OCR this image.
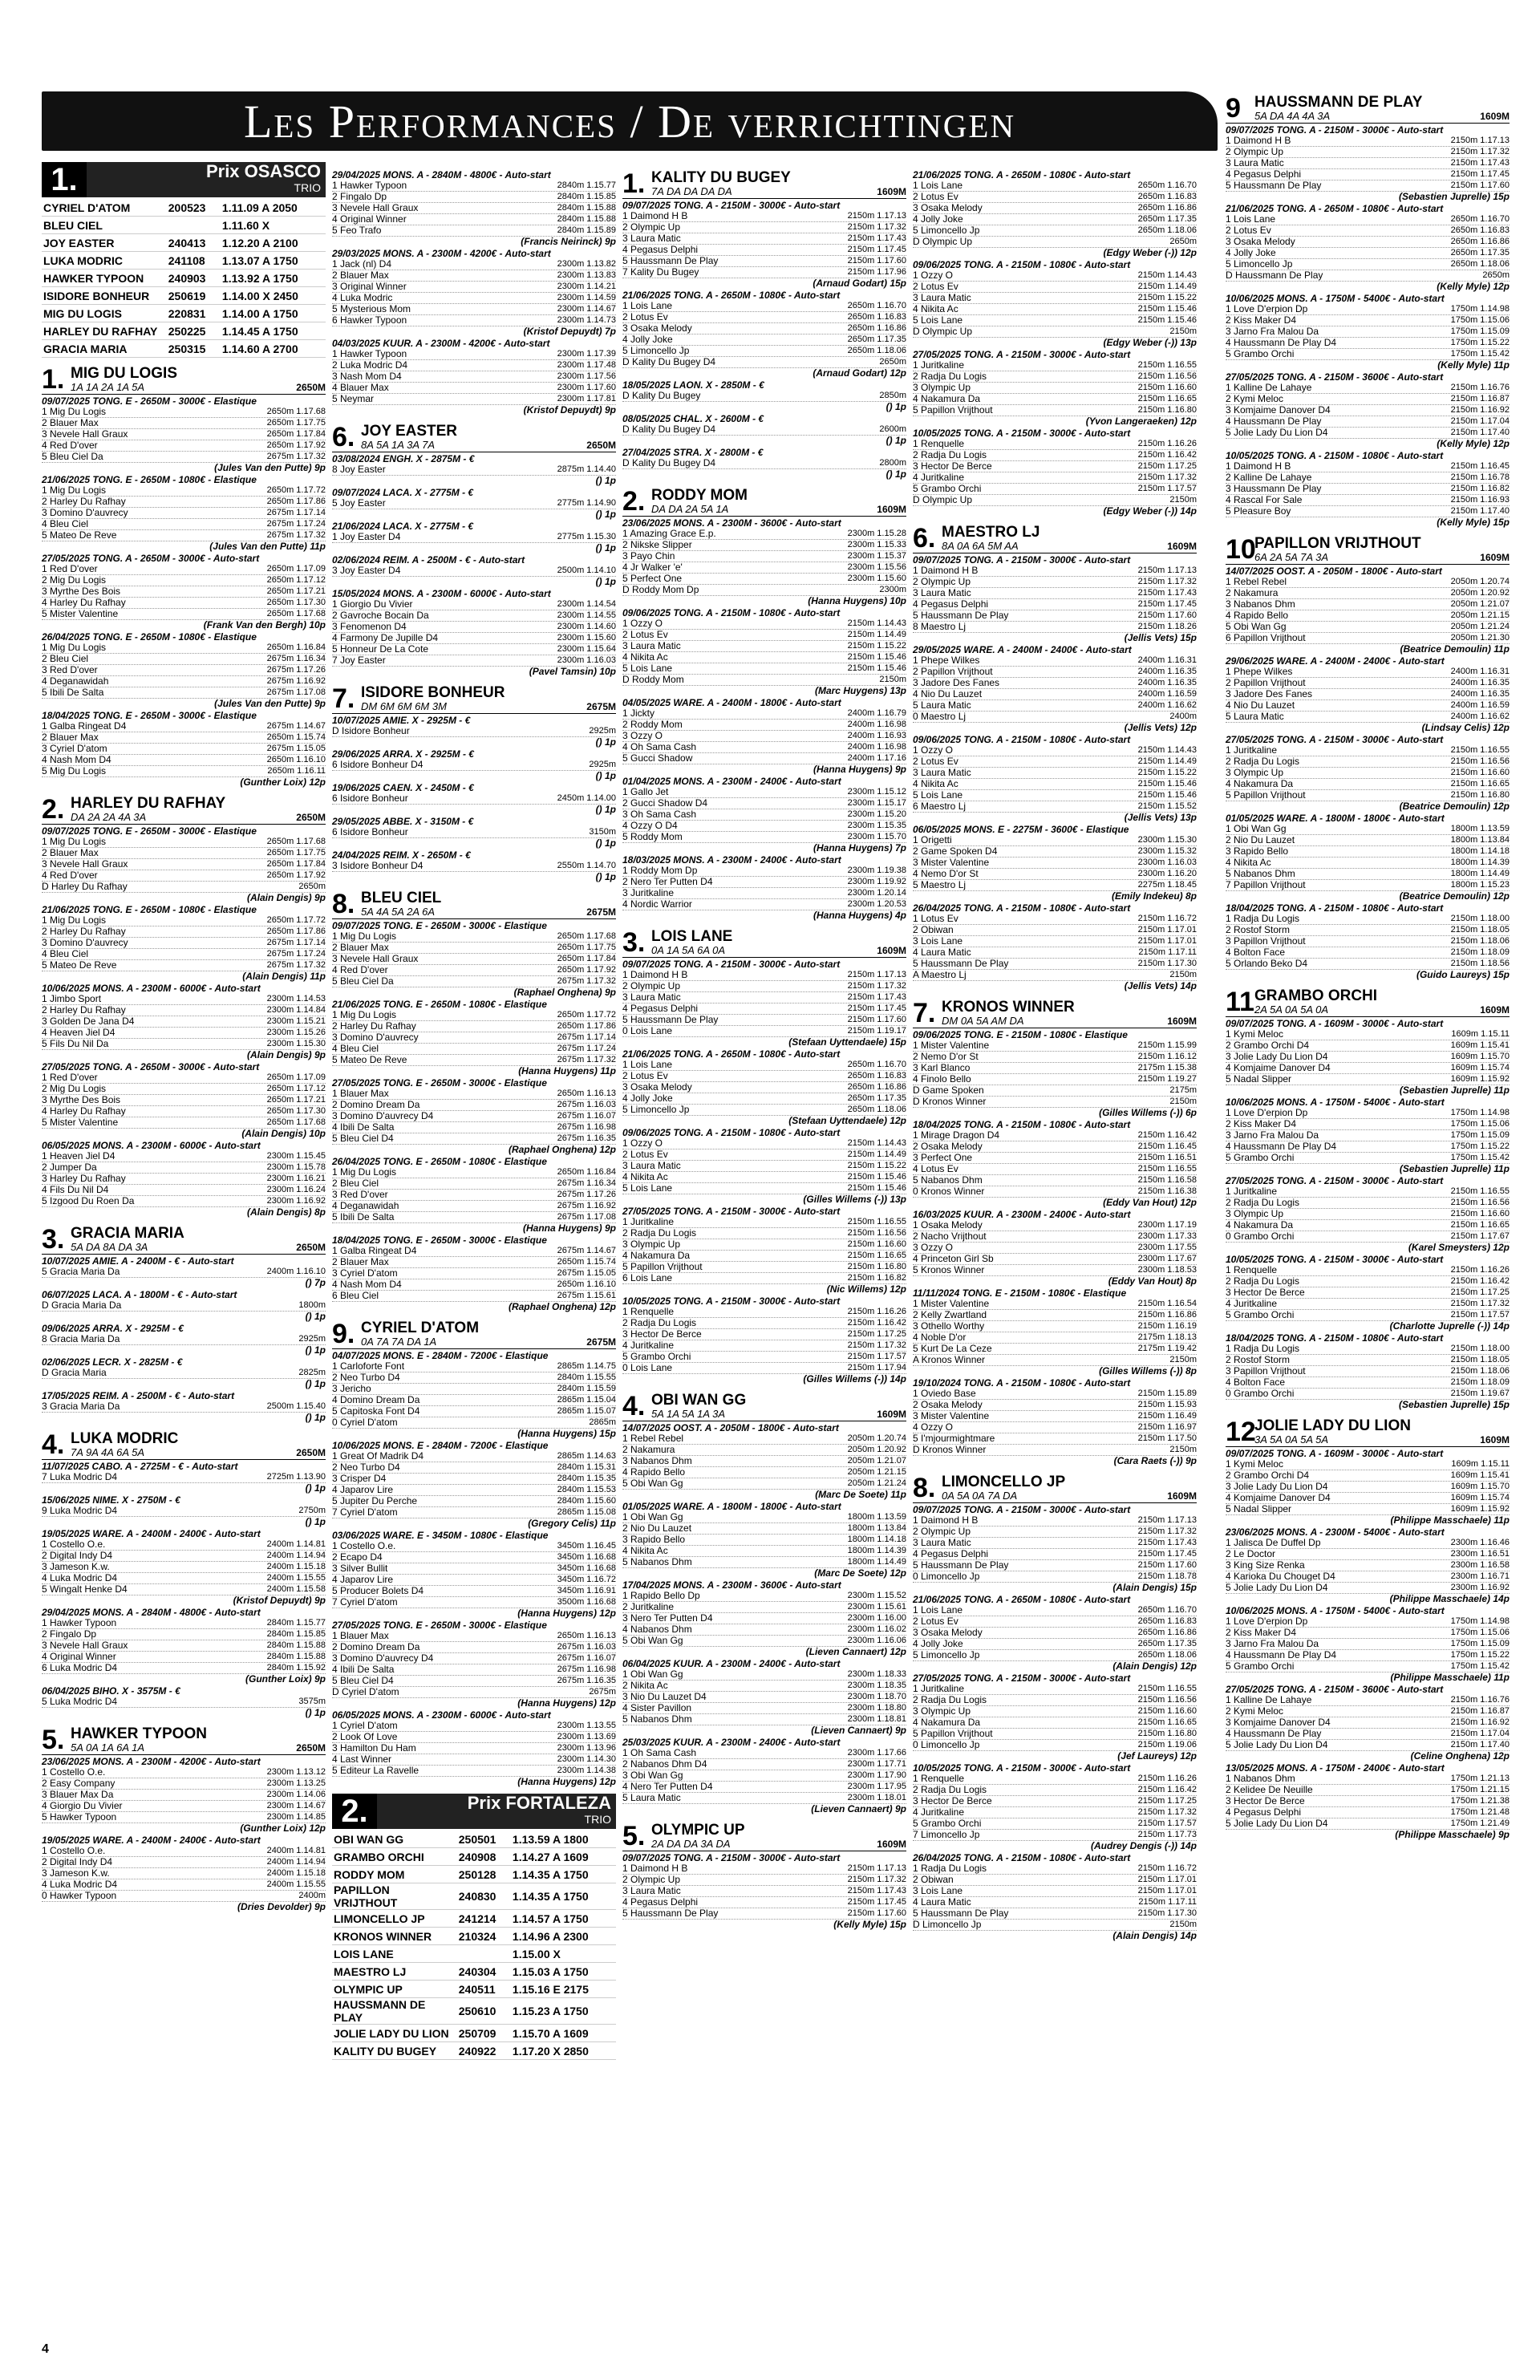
Les Performances / De verrichtingen
1.	Prix OSASCO
TRIO
CYRIEL D'ATOM	200523	1.11.09 A 2050
BLEU CIEL		1.11.60 X
JOY EASTER	240413	1.12.20 A 2100
LUKA MODRIC	241108	1.13.07 A 1750
HAWKER TYPOON	240903	1.13.92 A 1750
ISIDORE BONHEUR	250619	1.14.00 X 2450
MIG DU LOGIS	220831	1.14.00 A 1750
HARLEY DU RAFHAY	250225	1.14.45 A 1750
GRACIA MARIA	250315	1.14.60 A 2700
1. MIG DU LOGIS
1A 1A 2A 1A 5A	2650M
09/07/2025 TONG. E - 2650M - 3000€ - Elastique
1 Mig Du Logis	2650m 1.17.68
2 Blauer Max	2650m 1.17.75
3 Nevele Hall Graux	2650m 1.17.84
4 Red D'over	2650m 1.17.92
5 Bleu Ciel Da	2675m 1.17.32
(Jules Van den Putte) 9p
21/06/2025 TONG. E - 2650M - 1080€ - Elastique
1 Mig Du Logis	2650m 1.17.72
2 Harley Du Rafhay	2650m 1.17.86
3 Domino D'auvrecy	2675m 1.17.14
4 Bleu Ciel	2675m 1.17.24
5 Mateo De Reve	2675m 1.17.32
(Jules Van den Putte) 11p
27/05/2025 TONG. A - 2650M - 3000€ - Auto-start
1 Red D'over	2650m 1.17.09
2 Mig Du Logis	2650m 1.17.12
3 Myrthe Des Bois	2650m 1.17.21
4 Harley Du Rafhay	2650m 1.17.30
5 Mister Valentine	2650m 1.17.68
(Frank Van den Bergh) 10p
26/04/2025 TONG. E - 2650M - 1080€ - Elastique
1 Mig Du Logis	2650m 1.16.84
2 Bleu Ciel	2675m 1.16.34
3 Red D'over	2675m 1.17.26
4 Deganawidah	2675m 1.16.92
5 Ibili De Salta	2675m 1.17.08
(Jules Van den Putte) 9p
18/04/2025 TONG. E - 2650M - 3000€ - Elastique
1 Galba Ringeat D4	2675m 1.14.67
2 Blauer Max	2650m 1.15.74
3 Cyriel D'atom	2675m 1.15.05
4 Nash Mom D4	2650m 1.16.10
5 Mig Du Logis	2650m 1.16.11
(Gunther Loix) 12p
2. HARLEY DU RAFHAY
DA 2A 2A 4A 3A	2650M
09/07/2025 TONG. E - 2650M - 3000€ - Elastique
1 Mig Du Logis	2650m 1.17.68
2 Blauer Max	2650m 1.17.75
3 Nevele Hall Graux	2650m 1.17.84
4 Red D'over	2650m 1.17.92
D Harley Du Rafhay	2650m
(Alain Dengis) 9p
21/06/2025 TONG. E - 2650M - 1080€ - Elastique
1 Mig Du Logis	2650m 1.17.72
2 Harley Du Rafhay	2650m 1.17.86
3 Domino D'auvrecy	2675m 1.17.14
4 Bleu Ciel	2675m 1.17.24
5 Mateo De Reve	2675m 1.17.32
(Alain Dengis) 11p
10/06/2025 MONS. A - 2300M - 6000€ - Auto-start
1 Jimbo Sport	2300m 1.14.53
2 Harley Du Rafhay	2300m 1.14.84
3 Golden De Jana D4	2300m 1.15.21
4 Heaven Jiel D4	2300m 1.15.26
5 Fils Du Nil Da	2300m 1.15.30
(Alain Dengis) 9p
27/05/2025 TONG. A - 2650M - 3000€ - Auto-start
1 Red D'over	2650m 1.17.09
2 Mig Du Logis	2650m 1.17.12
3 Myrthe Des Bois	2650m 1.17.21
4 Harley Du Rafhay	2650m 1.17.30
5 Mister Valentine	2650m 1.17.68
(Alain Dengis) 10p
06/05/2025 MONS. A - 2300M - 6000€ - Auto-start
1 Heaven Jiel D4	2300m 1.15.45
2 Jumper Da	2300m 1.15.78
3 Harley Du Rafhay	2300m 1.16.21
4 Fils Du Nil D4	2300m 1.16.24
5 Izgood Du Roen Da	2300m 1.16.92
(Alain Dengis) 8p
3. GRACIA MARIA
5A DA 8A DA 3A	2650M
10/07/2025 AMIE. A - 2400M - € - Auto-start
5 Gracia Maria Da	2400m 1.16.10
() 7p
06/07/2025 LACA. A - 1800M - € - Auto-start
D Gracia Maria Da	1800m
() 1p
09/06/2025 ARRA. X - 2925M - €
8 Gracia Maria Da	2925m
() 1p
02/06/2025 LECR. X - 2825M - €
D Gracia Maria	2825m
() 1p
17/05/2025 REIM. A - 2500M - € - Auto-start
3 Gracia Maria Da	2500m 1.15.40
() 1p
4. LUKA MODRIC
7A 9A 4A 6A 5A	2650M
11/07/2025 CABO. A - 2725M - € - Auto-start
7 Luka Modric D4	2725m 1.13.90
() 1p
15/06/2025 NIME. X - 2750M - €
9 Luka Modric D4	2750m
() 1p
19/05/2025 WARE. A - 2400M - 2400€ - Auto-start
1 Costello O.e.	2400m 1.14.81
2 Digital Indy D4	2400m 1.14.94
3 Jameson K.w.	2400m 1.15.18
4 Luka Modric D4	2400m 1.15.55
5 Wingalt Henke D4	2400m 1.15.58
(Kristof Depuydt) 9p
29/04/2025 MONS. A - 2840M - 4800€ - Auto-start
1 Hawker Typoon	2840m 1.15.77
2 Fingalo Dp	2840m 1.15.85
3 Nevele Hall Graux	2840m 1.15.88
4 Original Winner	2840m 1.15.88
6 Luka Modric D4	2840m 1.15.92
(Gunther Loix) 9p
06/04/2025 BIHO. X - 3575M - €
5 Luka Modric D4	3575m
() 1p
5. HAWKER TYPOON
5A 0A 1A 6A 1A	2650M
23/06/2025 MONS. A - 2300M - 4200€ - Auto-start
1 Costello O.e.	2300m 1.13.12
2 Easy Company	2300m 1.13.25
3 Blauer Max Da	2300m 1.14.06
4 Giorgio Du Vivier	2300m 1.14.67
5 Hawker Typoon	2300m 1.14.85
(Gunther Loix) 12p
19/05/2025 WARE. A - 2400M - 2400€ - Auto-start
1 Costello O.e.	2400m 1.14.81
2 Digital Indy D4	2400m 1.14.94
3 Jameson K.w.	2400m 1.15.18
4 Luka Modric D4	2400m 1.15.55
0 Hawker Typoon	2400m
(Dries Devolder) 9p
29/04/2025 MONS. A - 2840M - 4800€ - Auto-start
1 Hawker Typoon	2840m 1.15.77
2 Fingalo Dp	2840m 1.15.85
3 Nevele Hall Graux	2840m 1.15.88
4 Original Winner	2840m 1.15.88
5 Feo Trafo	2840m 1.15.89
(Francis Neirinck) 9p
29/03/2025 MONS. A - 2300M - 4200€ - Auto-start
1 Jack (nl) D4	2300m 1.13.82
2 Blauer Max	2300m 1.13.83
3 Original Winner	2300m 1.14.21
4 Luka Modric	2300m 1.14.59
5 Mysterious Mom	2300m 1.14.67
6 Hawker Typoon	2300m 1.14.73
(Kristof Depuydt) 7p
04/03/2025 KUUR. A - 2300M - 4200€ - Auto-start
1 Hawker Typoon	2300m 1.17.39
2 Luka Modric D4	2300m 1.17.48
3 Nash Mom D4	2300m 1.17.56
4 Blauer Max	2300m 1.17.60
5 Neymar	2300m 1.17.81
(Kristof Depuydt) 9p
6. JOY EASTER
8A 5A 1A 3A 7A	2650M
03/08/2024 ENGH. X - 2875M - €
8 Joy Easter	2875m 1.14.40
() 1p
09/07/2024 LACA. X - 2775M - €
5 Joy Easter	2775m 1.14.90
() 1p
21/06/2024 LACA. X - 2775M - €
1 Joy Easter D4	2775m 1.15.30
() 1p
02/06/2024 REIM. A - 2500M - € - Auto-start
3 Joy Easter D4	2500m 1.14.10
() 1p
15/05/2024 MONS. A - 2300M - 6000€ - Auto-start
1 Giorgio Du Vivier	2300m 1.14.54
2 Gavroche Bocain Da	2300m 1.14.55
3 Fenomenon D4	2300m 1.14.60
4 Farmony De Jupille D4	2300m 1.15.60
5 Honneur De La Cote	2300m 1.15.64
7 Joy Easter	2300m 1.16.03
(Pavel Tamsin) 10p
7. ISIDORE BONHEUR
DM 6M 6M 6M 3M	2675M
10/07/2025 AMIE. X - 2925M - €
D Isidore Bonheur	2925m
() 1p
29/06/2025 ARRA. X - 2925M - €
6 Isidore Bonheur D4	2925m
() 1p
19/06/2025 CAEN. X - 2450M - €
6 Isidore Bonheur	2450m 1.14.00
() 1p
29/05/2025 ABBE. X - 3150M - €
6 Isidore Bonheur	3150m
() 1p
24/04/2025 REIM. X - 2650M - €
3 Isidore Bonheur D4	2550m 1.14.70
() 1p
8. BLEU CIEL
5A 4A 5A 2A 6A	2675M
09/07/2025 TONG. E - 2650M - 3000€ - Elastique
1 Mig Du Logis	2650m 1.17.68
2 Blauer Max	2650m 1.17.75
3 Nevele Hall Graux	2650m 1.17.84
4 Red D'over	2650m 1.17.92
5 Bleu Ciel Da	2675m 1.17.32
(Raphael Onghena) 9p
21/06/2025 TONG. E - 2650M - 1080€ - Elastique
1 Mig Du Logis	2650m 1.17.72
2 Harley Du Rafhay	2650m 1.17.86
3 Domino D'auvrecy	2675m 1.17.14
4 Bleu Ciel	2675m 1.17.24
5 Mateo De Reve	2675m 1.17.32
(Hanna Huygens) 11p
27/05/2025 TONG. E - 2650M - 3000€ - Elastique
1 Blauer Max	2650m 1.16.13
2 Domino Dream Da	2675m 1.16.03
3 Domino D'auvrecy D4	2675m 1.16.07
4 Ibili De Salta	2675m 1.16.98
5 Bleu Ciel D4	2675m 1.16.35
(Raphael Onghena) 12p
26/04/2025 TONG. E - 2650M - 1080€ - Elastique
1 Mig Du Logis	2650m 1.16.84
2 Bleu Ciel	2675m 1.16.34
3 Red D'over	2675m 1.17.26
4 Deganawidah	2675m 1.16.92
5 Ibili De Salta	2675m 1.17.08
(Hanna Huygens) 9p
18/04/2025 TONG. E - 2650M - 3000€ - Elastique
1 Galba Ringeat D4	2675m 1.14.67
2 Blauer Max	2650m 1.15.74
3 Cyriel D'atom	2675m 1.15.05
4 Nash Mom D4	2650m 1.16.10
6 Bleu Ciel	2675m 1.15.61
(Raphael Onghena) 12p
9. CYRIEL D'ATOM
0A 7A 7A DA 1A	2675M
04/07/2025 MONS. E - 2840M - 7200€ - Elastique
1 Carloforte Font	2865m 1.14.75
2 Neo Turbo D4	2840m 1.15.55
3 Jericho	2840m 1.15.59
4 Domino Dream Da	2865m 1.15.04
5 Capitoska Font D4	2865m 1.15.07
0 Cyriel D'atom	2865m
(Hanna Huygens) 15p
10/06/2025 MONS. E - 2840M - 7200€ - Elastique
1 Great Of Madrik D4	2865m 1.14.63
2 Neo Turbo D4	2840m 1.15.31
3 Crisper D4	2840m 1.15.35
4 Japarov Lire	2840m 1.15.53
5 Jupiter Du Perche	2840m 1.15.60
7 Cyriel D'atom	2865m 1.15.08
(Gregory Celis) 11p
03/06/2025 WARE. E - 3450M - 1080€ - Elastique
1 Costello O.e.	3450m 1.16.45
2 Ecapo D4	3450m 1.16.68
3 Silver Bullit	3450m 1.16.68
4 Japarov Lire	3450m 1.16.72
5 Producer Bolets D4	3450m 1.16.91
7 Cyriel D'atom	3500m 1.16.68
(Hanna Huygens) 12p
27/05/2025 TONG. E - 2650M - 3000€ - Elastique
1 Blauer Max	2650m 1.16.13
2 Domino Dream Da	2675m 1.16.03
3 Domino D'auvrecy D4	2675m 1.16.07
4 Ibili De Salta	2675m 1.16.98
5 Bleu Ciel D4	2675m 1.16.35
D Cyriel D'atom	2675m
(Hanna Huygens) 12p
06/05/2025 MONS. A - 2300M - 6000€ - Auto-start
1 Cyriel D'atom	2300m 1.13.55
2 Look Of Love	2300m 1.13.69
3 Hamilton Du Ham	2300m 1.13.96
4 Last Winner	2300m 1.14.30
5 Editeur La Ravelle	2300m 1.14.38
(Hanna Huygens) 12p
2.	Prix FORTALEZA
TRIO
OBI WAN GG	250501	1.13.59 A 1800
GRAMBO ORCHI	240908	1.14.27 A 1609
RODDY MOM	250128	1.14.35 A 1750
PAPILLON VRIJTHOUT	240830	1.14.35 A 1750
LIMONCELLO JP	241214	1.14.57 A 1750
KRONOS WINNER	210324	1.14.96 A 2300
LOIS LANE		1.15.00 X
MAESTRO LJ	240304	1.15.03 A 1750
OLYMPIC UP	240511	1.15.16 E 2175
HAUSSMANN DE PLAY	250610	1.15.23 A 1750
JOLIE LADY DU LION	250709	1.15.70 A 1609
KALITY DU BUGEY	240922	1.17.20 X 2850
1. KALITY DU BUGEY
7A DA DA DA DA	1609M
09/07/2025 TONG. A - 2150M - 3000€ - Auto-start
1 Daimond H B	2150m 1.17.13
2 Olympic Up	2150m 1.17.32
3 Laura Matic	2150m 1.17.43
4 Pegasus Delphi	2150m 1.17.45
5 Haussmann De Play	2150m 1.17.60
7 Kality Du Bugey	2150m 1.17.96
(Arnaud Godart) 15p
21/06/2025 TONG. A - 2650M - 1080€ - Auto-start
1 Lois Lane	2650m 1.16.70
2 Lotus Ev	2650m 1.16.83
3 Osaka Melody	2650m 1.16.86
4 Jolly Joke	2650m 1.17.35
5 Limoncello Jp	2650m 1.18.06
D Kality Du Bugey D4	2650m
(Arnaud Godart) 12p
18/05/2025 LAON. X - 2850M - €
D Kality Du Bugey	2850m
() 1p
08/05/2025 CHAL. X - 2600M - €
D Kality Du Bugey D4	2600m
() 1p
27/04/2025 STRA. X - 2800M - €
D Kality Du Bugey D4	2800m
() 1p
2. RODDY MOM
DA DA 2A 5A 1A	1609M
23/06/2025 MONS. A - 2300M - 3600€ - Auto-start
1 Amazing Grace E.p.	2300m 1.15.28
2 Nikske Slipper	2300m 1.15.33
3 Payo Chin	2300m 1.15.37
4 Jr Walker 'e'	2300m 1.15.56
5 Perfect One	2300m 1.15.60
D Roddy Mom Dp	2300m
(Hanna Huygens) 10p
09/06/2025 TONG. A - 2150M - 1080€ - Auto-start
1 Ozzy O	2150m 1.14.43
2 Lotus Ev	2150m 1.14.49
3 Laura Matic	2150m 1.15.22
4 Nikita Ac	2150m 1.15.46
5 Lois Lane	2150m 1.15.46
D Roddy Mom	2150m
(Marc Huygens) 13p
04/05/2025 WARE. A - 2400M - 1800€ - Auto-start
1 Jickty	2400m 1.16.79
2 Roddy Mom	2400m 1.16.98
3 Ozzy O	2400m 1.16.93
4 Oh Sama Cash	2400m 1.16.98
5 Gucci Shadow	2400m 1.17.16
(Hanna Huygens) 9p
01/04/2025 MONS. A - 2300M - 2400€ - Auto-start
1 Gallo Jet	2300m 1.15.12
2 Gucci Shadow D4	2300m 1.15.17
3 Oh Sama Cash	2300m 1.15.20
4 Ozzy O D4	2300m 1.15.35
5 Roddy Mom	2300m 1.15.70
(Hanna Huygens) 7p
18/03/2025 MONS. A - 2300M - 2400€ - Auto-start
1 Roddy Mom Dp	2300m 1.19.38
2 Nero Ter Putten D4	2300m 1.19.92
3 Juritkaline	2300m 1.20.14
4 Nordic Warrior	2300m 1.20.53
(Hanna Huygens) 4p
3. LOIS LANE
0A 1A 5A 6A 0A	1609M
09/07/2025 TONG. A - 2150M - 3000€ - Auto-start
1 Daimond H B	2150m 1.17.13
2 Olympic Up	2150m 1.17.32
3 Laura Matic	2150m 1.17.43
4 Pegasus Delphi	2150m 1.17.45
5 Haussmann De Play	2150m 1.17.60
0 Lois Lane	2150m 1.19.17
(Stefaan Uyttendaele) 15p
21/06/2025 TONG. A - 2650M - 1080€ - Auto-start
1 Lois Lane	2650m 1.16.70
2 Lotus Ev	2650m 1.16.83
3 Osaka Melody	2650m 1.16.86
4 Jolly Joke	2650m 1.17.35
5 Limoncello Jp	2650m 1.18.06
(Stefaan Uyttendaele) 12p
09/06/2025 TONG. A - 2150M - 1080€ - Auto-start
1 Ozzy O	2150m 1.14.43
2 Lotus Ev	2150m 1.14.49
3 Laura Matic	2150m 1.15.22
4 Nikita Ac	2150m 1.15.46
5 Lois Lane	2150m 1.15.46
(Gilles Willems (-)) 13p
27/05/2025 TONG. A - 2150M - 3000€ - Auto-start
1 Juritkaline	2150m 1.16.55
2 Radja Du Logis	2150m 1.16.56
3 Olympic Up	2150m 1.16.60
4 Nakamura Da	2150m 1.16.65
5 Papillon Vrijthout	2150m 1.16.80
6 Lois Lane	2150m 1.16.82
(Nic Willems) 12p
10/05/2025 TONG. A - 2150M - 3000€ - Auto-start
1 Renquelle	2150m 1.16.26
2 Radja Du Logis	2150m 1.16.42
3 Hector De Berce	2150m 1.17.25
4 Juritkaline	2150m 1.17.32
5 Grambo Orchi	2150m 1.17.57
0 Lois Lane	2150m 1.17.94
(Gilles Willems (-)) 14p
4. OBI WAN GG
5A 1A 5A 1A 3A	1609M
14/07/2025 OOST. A - 2050M - 1800€ - Auto-start
1 Rebel Rebel	2050m 1.20.74
2 Nakamura	2050m 1.20.92
3 Nabanos Dhm	2050m 1.21.07
4 Rapido Bello	2050m 1.21.15
5 Obi Wan Gg	2050m 1.21.24
(Marc De Soete) 11p
01/05/2025 WARE. A - 1800M - 1800€ - Auto-start
1 Obi Wan Gg	1800m 1.13.59
2 Nio Du Lauzet	1800m 1.13.84
3 Rapido Bello	1800m 1.14.18
4 Nikita Ac	1800m 1.14.39
5 Nabanos Dhm	1800m 1.14.49
(Marc De Soete) 12p
17/04/2025 MONS. A - 2300M - 3600€ - Auto-start
1 Rapido Bello Dp	2300m 1.15.52
2 Juritkaline	2300m 1.15.61
3 Nero Ter Putten D4	2300m 1.16.00
4 Nabanos Dhm	2300m 1.16.02
5 Obi Wan Gg	2300m 1.16.06
(Lieven Cannaert) 12p
06/04/2025 KUUR. A - 2300M - 2400€ - Auto-start
1 Obi Wan Gg	2300m 1.18.33
2 Nikita Ac	2300m 1.18.35
3 Nio Du Lauzet D4	2300m 1.18.70
4 Sister Pavillon	2300m 1.18.80
5 Nabanos Dhm	2300m 1.18.81
(Lieven Cannaert) 9p
25/03/2025 KUUR. A - 2300M - 2400€ - Auto-start
1 Oh Sama Cash	2300m 1.17.66
2 Nabanos Dhm D4	2300m 1.17.71
3 Obi Wan Gg	2300m 1.17.90
4 Nero Ter Putten D4	2300m 1.17.95
5 Laura Matic	2300m 1.18.01
(Lieven Cannaert) 9p
5. OLYMPIC UP
2A DA DA 3A DA	1609M
09/07/2025 TONG. A - 2150M - 3000€ - Auto-start
1 Daimond H B	2150m 1.17.13
2 Olympic Up	2150m 1.17.32
3 Laura Matic	2150m 1.17.43
4 Pegasus Delphi	2150m 1.17.45
5 Haussmann De Play	2150m 1.17.60
(Kelly Myle) 15p
21/06/2025 TONG. A - 2650M - 1080€ - Auto-start
1 Lois Lane	2650m 1.16.70
2 Lotus Ev	2650m 1.16.83
3 Osaka Melody	2650m 1.16.86
4 Jolly Joke	2650m 1.17.35
5 Limoncello Jp	2650m 1.18.06
D Olympic Up	2650m
(Edgy Weber (-)) 12p
09/06/2025 TONG. A - 2150M - 1080€ - Auto-start
1 Ozzy O	2150m 1.14.43
2 Lotus Ev	2150m 1.14.49
3 Laura Matic	2150m 1.15.22
4 Nikita Ac	2150m 1.15.46
5 Lois Lane	2150m 1.15.46
D Olympic Up	2150m
(Edgy Weber (-)) 13p
27/05/2025 TONG. A - 2150M - 3000€ - Auto-start
1 Juritkaline	2150m 1.16.55
2 Radja Du Logis	2150m 1.16.56
3 Olympic Up	2150m 1.16.60
4 Nakamura Da	2150m 1.16.65
5 Papillon Vrijthout	2150m 1.16.80
(Yvon Langeraeken) 12p
10/05/2025 TONG. A - 2150M - 3000€ - Auto-start
1 Renquelle	2150m 1.16.26
2 Radja Du Logis	2150m 1.16.42
3 Hector De Berce	2150m 1.17.25
4 Juritkaline	2150m 1.17.32
5 Grambo Orchi	2150m 1.17.57
D Olympic Up	2150m
(Edgy Weber (-)) 14p
6. MAESTRO LJ
8A 0A 6A 5M AA	1609M
09/07/2025 TONG. A - 2150M - 3000€ - Auto-start
1 Daimond H B	2150m 1.17.13
2 Olympic Up	2150m 1.17.32
3 Laura Matic	2150m 1.17.43
4 Pegasus Delphi	2150m 1.17.45
5 Haussmann De Play	2150m 1.17.60
8 Maestro Lj	2150m 1.18.26
(Jellis Vets) 15p
29/05/2025 WARE. A - 2400M - 2400€ - Auto-start
1 Phepe Wilkes	2400m 1.16.31
2 Papillon Vrijthout	2400m 1.16.35
3 Jadore Des Fanes	2400m 1.16.35
4 Nio Du Lauzet	2400m 1.16.59
5 Laura Matic	2400m 1.16.62
0 Maestro Lj	2400m
(Jellis Vets) 12p
09/06/2025 TONG. A - 2150M - 1080€ - Auto-start
1 Ozzy O	2150m 1.14.43
2 Lotus Ev	2150m 1.14.49
3 Laura Matic	2150m 1.15.22
4 Nikita Ac	2150m 1.15.46
5 Lois Lane	2150m 1.15.46
6 Maestro Lj	2150m 1.15.52
(Jellis Vets) 13p
06/05/2025 MONS. E - 2275M - 3600€ - Elastique
1 Origetti	2300m 1.15.30
2 Game Spoken D4	2300m 1.15.32
3 Mister Valentine	2300m 1.16.03
4 Nemo D'or St	2300m 1.16.20
5 Maestro Lj	2275m 1.18.45
(Emily Indekeu) 8p
26/04/2025 TONG. A - 2150M - 1080€ - Auto-start
1 Lotus Ev	2150m 1.16.72
2 Obiwan	2150m 1.17.01
3 Lois Lane	2150m 1.17.01
4 Laura Matic	2150m 1.17.11
5 Haussmann De Play	2150m 1.17.30
A Maestro Lj	2150m
(Jellis Vets) 14p
7. KRONOS WINNER
DM 0A 5A AM DA	1609M
09/06/2025 TONG. E - 2150M - 1080€ - Elastique
1 Mister Valentine	2150m 1.15.99
2 Nemo D'or St	2150m 1.16.12
3 Karl Blanco	2175m 1.15.38
4 Finolo Bello	2150m 1.19.27
D Game Spoken	2175m
D Kronos Winner	2150m
(Gilles Willems (-)) 6p
18/04/2025 TONG. A - 2150M - 1080€ - Auto-start
1 Mirage Dragon D4	2150m 1.16.42
2 Osaka Melody	2150m 1.16.45
3 Perfect One	2150m 1.16.51
4 Lotus Ev	2150m 1.16.55
5 Nabanos Dhm	2150m 1.16.58
0 Kronos Winner	2150m 1.16.38
(Eddy Van Hout) 12p
16/03/2025 KUUR. A - 2300M - 2400€ - Auto-start
1 Osaka Melody	2300m 1.17.19
2 Nacho Vrijthout	2300m 1.17.33
3 Ozzy O	2300m 1.17.55
4 Princeton Girl Sb	2300m 1.17.67
5 Kronos Winner	2300m 1.18.53
(Eddy Van Hout) 8p
11/11/2024 TONG. E - 2150M - 1080€ - Elastique
1 Mister Valentine	2150m 1.16.54
2 Kelly Zwartland	2150m 1.16.86
3 Othello Worthy	2150m 1.16.19
4 Noble D'or	2175m 1.18.13
5 Kurt De La Ceze	2175m 1.19.42
A Kronos Winner	2150m
(Gilles Willems (-)) 8p
19/10/2024 TONG. A - 2150M - 1080€ - Auto-start
1 Oviedo Base	2150m 1.15.89
2 Osaka Melody	2150m 1.15.93
3 Mister Valentine	2150m 1.16.49
4 Ozzy O	2150m 1.16.97
5 I'mjourmightmare	2150m 1.17.50
D Kronos Winner	2150m
(Cara Raets (-)) 9p
8. LIMONCELLO JP
0A 5A 0A 7A DA	1609M
09/07/2025 TONG. A - 2150M - 3000€ - Auto-start
1 Daimond H B	2150m 1.17.13
2 Olympic Up	2150m 1.17.32
3 Laura Matic	2150m 1.17.43
4 Pegasus Delphi	2150m 1.17.45
5 Haussmann De Play	2150m 1.17.60
0 Limoncello Jp	2150m 1.18.78
(Alain Dengis) 15p
21/06/2025 TONG. A - 2650M - 1080€ - Auto-start
1 Lois Lane	2650m 1.16.70
2 Lotus Ev	2650m 1.16.83
3 Osaka Melody	2650m 1.16.86
4 Jolly Joke	2650m 1.17.35
5 Limoncello Jp	2650m 1.18.06
(Alain Dengis) 12p
27/05/2025 TONG. A - 2150M - 3000€ - Auto-start
1 Juritkaline	2150m 1.16.55
2 Radja Du Logis	2150m 1.16.56
3 Olympic Up	2150m 1.16.60
4 Nakamura Da	2150m 1.16.65
5 Papillon Vrijthout	2150m 1.16.80
0 Limoncello Jp	2150m 1.19.06
(Jef Laureys) 12p
10/05/2025 TONG. A - 2150M - 3000€ - Auto-start
1 Renquelle	2150m 1.16.26
2 Radja Du Logis	2150m 1.16.42
3 Hector De Berce	2150m 1.17.25
4 Juritkaline	2150m 1.17.32
5 Grambo Orchi	2150m 1.17.57
7 Limoncello Jp	2150m 1.17.73
(Audrey Dengis (-)) 14p
26/04/2025 TONG. A - 2150M - 1080€ - Auto-start
1 Radja Du Logis	2150m 1.16.72
2 Obiwan	2150m 1.17.01
3 Lois Lane	2150m 1.17.01
4 Laura Matic	2150m 1.17.11
5 Haussmann De Play	2150m 1.17.30
D Limoncello Jp	2150m
(Alain Dengis) 14p
9 HAUSSMANN DE PLAY
5A DA 4A 4A 3A	1609M
09/07/2025 TONG. A - 2150M - 3000€ - Auto-start
1 Daimond H B	2150m 1.17.13
2 Olympic Up	2150m 1.17.32
3 Laura Matic	2150m 1.17.43
4 Pegasus Delphi	2150m 1.17.45
5 Haussmann De Play	2150m 1.17.60
(Sebastien Juprelle) 15p
21/06/2025 TONG. A - 2650M - 1080€ - Auto-start
1 Lois Lane	2650m 1.16.70
2 Lotus Ev	2650m 1.16.83
3 Osaka Melody	2650m 1.16.86
4 Jolly Joke	2650m 1.17.35
5 Limoncello Jp	2650m 1.18.06
D Haussmann De Play	2650m
(Kelly Myle) 12p
10/06/2025 MONS. A - 1750M - 5400€ - Auto-start
1 Love D'erpion Dp	1750m 1.14.98
2 Kiss Maker D4	1750m 1.15.06
3 Jarno Fra Malou Da	1750m 1.15.09
4 Haussmann De Play D4	1750m 1.15.22
5 Grambo Orchi	1750m 1.15.42
(Kelly Myle) 11p
27/05/2025 TONG. A - 2150M - 3600€ - Auto-start
1 Kalline De Lahaye	2150m 1.16.76
2 Kymi Meloc	2150m 1.16.87
3 Komjaime Danover D4	2150m 1.16.92
4 Haussmann De Play	2150m 1.17.04
5 Jolie Lady Du Lion D4	2150m 1.17.40
(Kelly Myle) 12p
10/05/2025 TONG. A - 2150M - 1080€ - Auto-start
1 Daimond H B	2150m 1.16.45
2 Kalline De Lahaye	2150m 1.16.78
3 Haussmann De Play	2150m 1.16.82
4 Rascal For Sale	2150m 1.16.93
5 Pleasure Boy	2150m 1.17.40
(Kelly Myle) 15p
10
PAPILLON VRIJTHOUT
6A 2A 5A 7A 3A	1609M
14/07/2025 OOST. A - 2050M - 1800€ - Auto-start
1 Rebel Rebel	2050m 1.20.74
2 Nakamura	2050m 1.20.92
3 Nabanos Dhm	2050m 1.21.07
4 Rapido Bello	2050m 1.21.15
5 Obi Wan Gg	2050m 1.21.24
6 Papillon Vrijthout	2050m 1.21.30
(Beatrice Demoulin) 11p
29/06/2025 WARE. A - 2400M - 2400€ - Auto-start
1 Phepe Wilkes	2400m 1.16.31
2 Papillon Vrijthout	2400m 1.16.35
3 Jadore Des Fanes	2400m 1.16.35
4 Nio Du Lauzet	2400m 1.16.59
5 Laura Matic	2400m 1.16.62
(Lindsay Celis) 12p
27/05/2025 TONG. A - 2150M - 3000€ - Auto-start
1 Juritkaline	2150m 1.16.55
2 Radja Du Logis	2150m 1.16.56
3 Olympic Up	2150m 1.16.60
4 Nakamura Da	2150m 1.16.65
5 Papillon Vrijthout	2150m 1.16.80
(Beatrice Demoulin) 12p
01/05/2025 WARE. A - 1800M - 1800€ - Auto-start
1 Obi Wan Gg	1800m 1.13.59
2 Nio Du Lauzet	1800m 1.13.84
3 Rapido Bello	1800m 1.14.18
4 Nikita Ac	1800m 1.14.39
5 Nabanos Dhm	1800m 1.14.49
7 Papillon Vrijthout	1800m 1.15.23
(Beatrice Demoulin) 12p
18/04/2025 TONG. A - 2150M - 1080€ - Auto-start
1 Radja Du Logis	2150m 1.18.00
2 Rostof Storm	2150m 1.18.05
3 Papillon Vrijthout	2150m 1.18.06
4 Bolton Face	2150m 1.18.09
5 Orlando Beko D4	2150m 1.18.56
(Guido Laureys) 15p
11 GRAMBO ORCHI
2A 5A 0A 5A 0A	1609M
09/07/2025 TONG. A - 1609M - 3000€ - Auto-start
1 Kymi Meloc	1609m 1.15.11
2 Grambo Orchi D4	1609m 1.15.41
3 Jolie Lady Du Lion D4	1609m 1.15.70
4 Komjaime Danover D4	1609m 1.15.74
5 Nadal Slipper	1609m 1.15.92
(Sebastien Juprelle) 11p
10/06/2025 MONS. A - 1750M - 5400€ - Auto-start
1 Love D'erpion Dp	1750m 1.14.98
2 Kiss Maker D4	1750m 1.15.06
3 Jarno Fra Malou Da	1750m 1.15.09
4 Haussmann De Play D4	1750m 1.15.22
5 Grambo Orchi	1750m 1.15.42
(Sebastien Juprelle) 11p
27/05/2025 TONG. A - 2150M - 3000€ - Auto-start
1 Juritkaline	2150m 1.16.55
2 Radja Du Logis	2150m 1.16.56
3 Olympic Up	2150m 1.16.60
4 Nakamura Da	2150m 1.16.65
0 Grambo Orchi	2150m 1.17.67
(Karel Smeysters) 12p
10/05/2025 TONG. A - 2150M - 3000€ - Auto-start
1 Renquelle	2150m 1.16.26
2 Radja Du Logis	2150m 1.16.42
3 Hector De Berce	2150m 1.17.25
4 Juritkaline	2150m 1.17.32
5 Grambo Orchi	2150m 1.17.57
(Charlotte Juprelle (-)) 14p
18/04/2025 TONG. A - 2150M - 1080€ - Auto-start
1 Radja Du Logis	2150m 1.18.00
2 Rostof Storm	2150m 1.18.05
3 Papillon Vrijthout	2150m 1.18.06
4 Bolton Face	2150m 1.18.09
0 Grambo Orchi	2150m 1.19.67
(Sebastien Juprelle) 15p
12
JOLIE LADY DU LION
3A 5A 0A 5A 5A	1609M
09/07/2025 TONG. A - 1609M - 3000€ - Auto-start
1 Kymi Meloc	1609m 1.15.11
2 Grambo Orchi D4	1609m 1.15.41
3 Jolie Lady Du Lion D4	1609m 1.15.70
4 Komjaime Danover D4	1609m 1.15.74
5 Nadal Slipper	1609m 1.15.92
(Philippe Masschaele) 11p
23/06/2025 MONS. A - 2300M - 5400€ - Auto-start
1 Jalisca De Duffel Dp	2300m 1.16.46
2 Le Doctor	2300m 1.16.51
3 King Size Renka	2300m 1.16.58
4 Karioka Du Chouget D4	2300m 1.16.71
5 Jolie Lady Du Lion D4	2300m 1.16.92
(Philippe Masschaele) 14p
10/06/2025 MONS. A - 1750M - 5400€ - Auto-start
1 Love D'erpion Dp	1750m 1.14.98
2 Kiss Maker D4	1750m 1.15.06
3 Jarno Fra Malou Da	1750m 1.15.09
4 Haussmann De Play D4	1750m 1.15.22
5 Grambo Orchi	1750m 1.15.42
(Philippe Masschaele) 11p
27/05/2025 TONG. A - 2150M - 3600€ - Auto-start
1 Kalline De Lahaye	2150m 1.16.76
2 Kymi Meloc	2150m 1.16.87
3 Komjaime Danover D4	2150m 1.16.92
4 Haussmann De Play	2150m 1.17.04
5 Jolie Lady Du Lion D4	2150m 1.17.40
(Celine Onghena) 12p
13/05/2025 MONS. A - 1750M - 2400€ - Auto-start
1 Nabanos Dhm	1750m 1.21.13
2 Kelidee De Neuille	1750m 1.21.15
3 Hector De Berce	1750m 1.21.38
4 Pegasus Delphi	1750m 1.21.48
5 Jolie Lady Du Lion D4	1750m 1.21.49
(Philippe Masschaele) 9p
4
